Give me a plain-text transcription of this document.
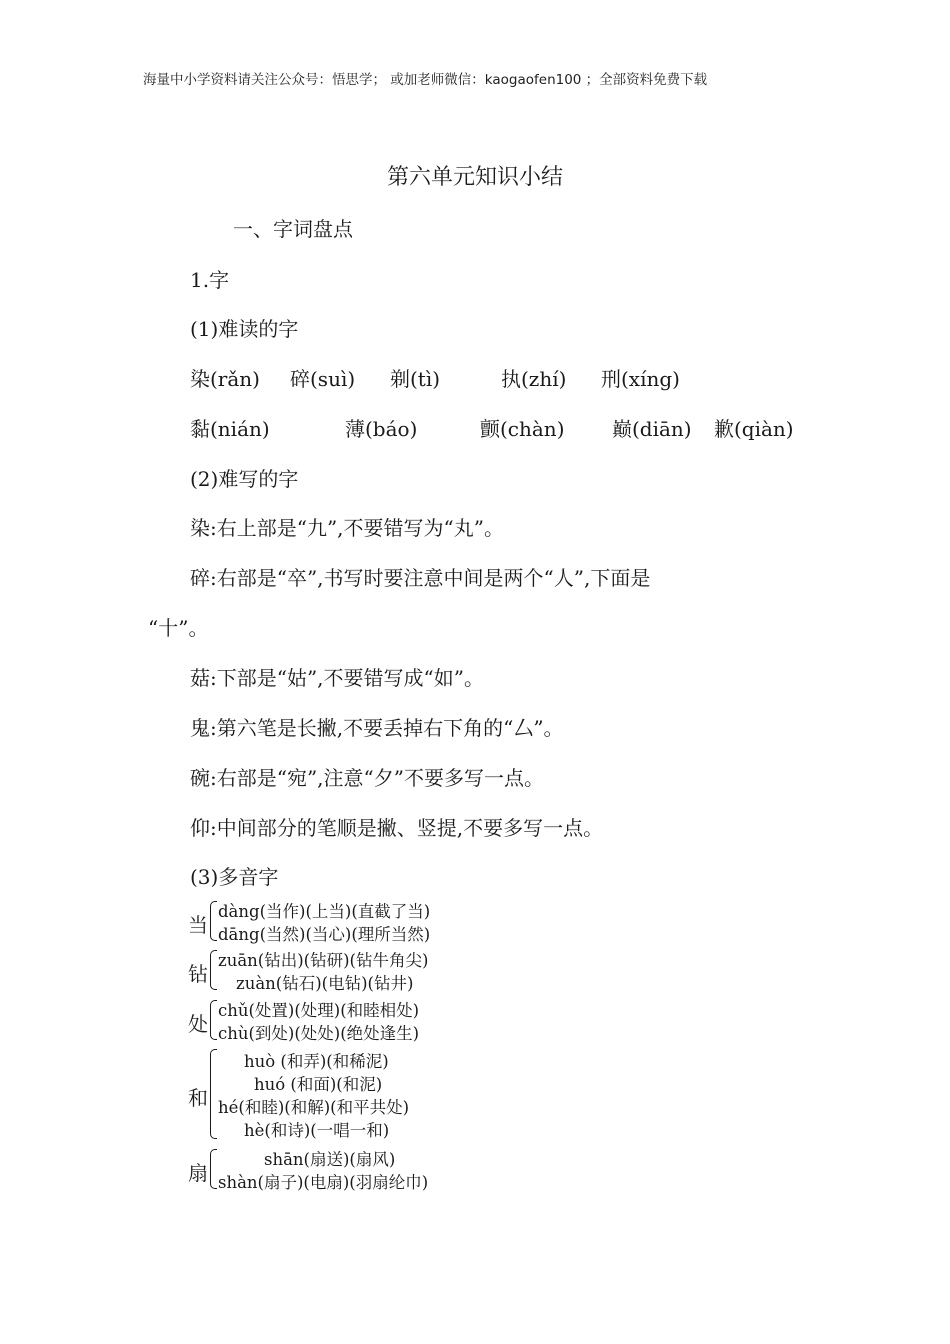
海量中小学资料请关注公众号：悟思学； 或加老师微信：kaogaofen100 ；全部资料免费下载
第六单元知识小结
一、字词盘点
1.字
(1)难读的字
染(rǎn) 碎(suì) 剃(tì)	执(zhí) 刑(xíng)
黏(nián)	薄(báo)	颤(chàn) 巅(diān) 歉(qiàn)
(2)难写的字
染:右上部是“九”,不要错写为“丸”。
碎:右部是“卒”,书写时要注意中间是两个“人”,下面是
“十”。
菇:下部是“姑”,不要错写成“如”。
鬼:第六笔是长撇,不要丢掉右下角的“厶”。
碗:右部是“宛”,注意“夕”不要多写一点。
仰:中间部分的笔顺是撇、竖提,不要多写一点。
(3)多音字
当
dàng(当作)(上当)(直截了当)
dāng(当然)(当心)(理所当然)
钻
zuān(钻出)(钻研)(钻牛角尖)
zuàn(钻石)(电钻)(钻井)
处
chǔ(处置)(处理)(和睦相处)
chù(到处)(处处)(绝处逢生)
和
huò (和弄)(和稀泥)
huó (和面)(和泥)
hé(和睦)(和解)(和平共处)
hè(和诗)(一唱一和)
扇
shān(扇送)(扇风)
shàn(扇子)(电扇)(羽扇纶巾)
